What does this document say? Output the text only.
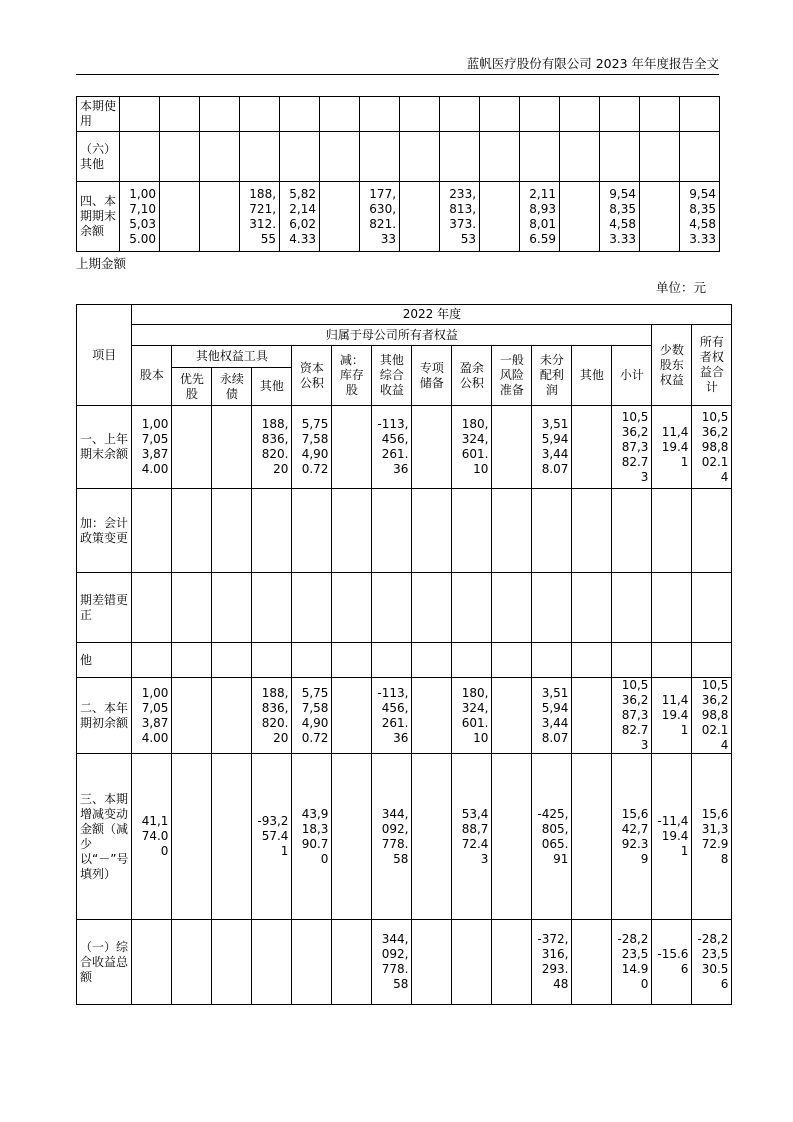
蓝帆医疗股份有限公司 2023 年年度报告全文
本期使用															
（六）其他															
四、本期期末余额	1,007,105,035.00			188,721,312.55	5,822,146,024.33		177,630,821.33		233,813,373.53		2,118,938,016.59		9,548,354,583.33		9,548,354,583.33
上期金额
单位：元
项目	2022 年度														
	归属于母公司所有者权益													少数股东权益	所有者权益合计
	股本	其他权益工具			资本公积	减：库存股	其他综合收益	专项储备	盈余公积	一般风险准备	未分配利润	其他	小计		
		优先股	永续债	其他											
一、上年期末余额	1,007,053,874.00			188,836,820.20	5,757,584,900.72		-113,456,261.36		180,324,601.10		3,515,943,448.07		10,536,287,382.73	11,419.41	10,536,298,802.14
加：会计政策变更															
期差错更正															
他															
二、本年期初余额	1,007,053,874.00			188,836,820.20	5,757,584,900.72		-113,456,261.36		180,324,601.10		3,515,943,448.07		10,536,287,382.73	11,419.41	10,536,298,802.14
三、本期增减变动金额（减少以“－”号填列）	41,174.00			-93,257.41	43,918,390.70		344,092,778.58		53,488,772.43		-425,805,065.91		15,642,792.39	-11,419.41	15,631,372.98
（一）综合收益总额							344,092,778.58				-372,316,293.48		-28,223,514.90	-15.66	-28,223,530.56
